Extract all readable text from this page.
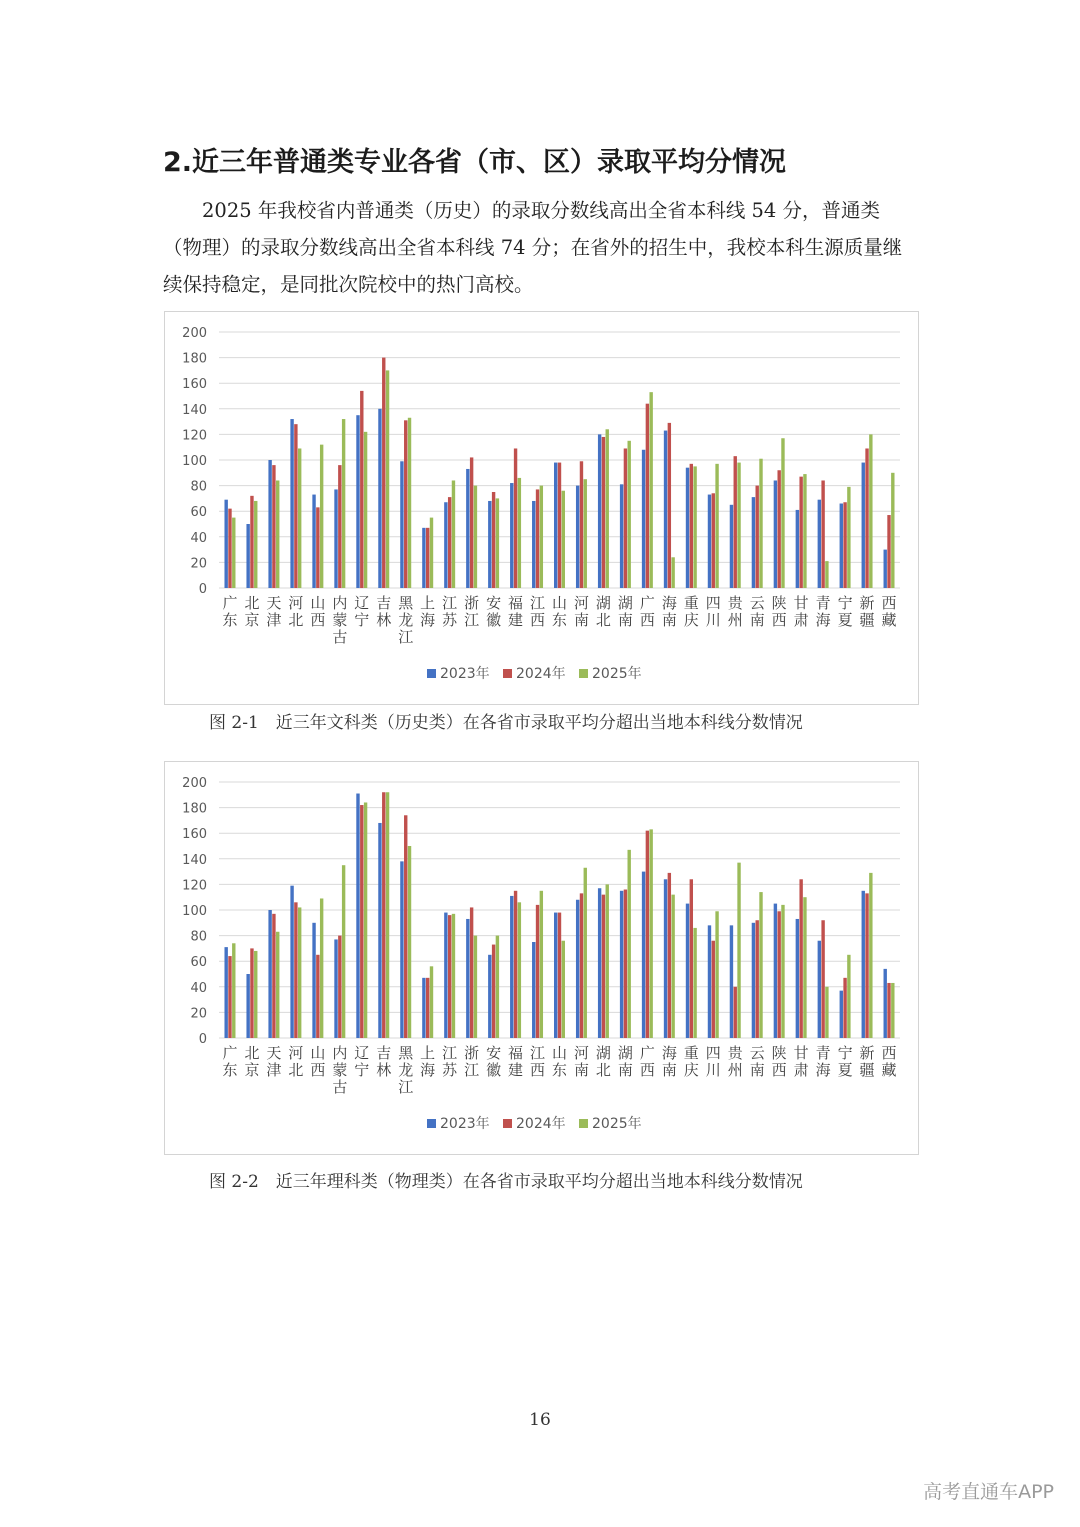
2.近三年普通类专业各省（市、区）录取平均分情况

2025 年我校省内普通类（历史）的录取分数线高出全省本科线 54 分，普通类（物理）的录取分数线高出全省本科线 74 分；在省外的招生中，我校本科生源质量继续保持稳定，是同批次院校中的热门高校。

0
20
40
60
80
100
120
140
160
180
200
广东
北京
天津
河北
山西
内蒙古
辽宁
吉林
黑龙江
上海
江苏
浙江
安徽
福建
江西
山东
河南
湖北
湖南
广西
海南
重庆
四川
贵州
云南
陕西
甘肃
青海
宁夏
新疆
西藏
2023年 2024年 2025年
图 2-1　近三年文科类（历史类）在各省市录取平均分超出当地本科线分数情况
0
20
40
60
80
100
120
140
160
180
200
广东
北京
天津
河北
山西
内蒙古
辽宁
吉林
黑龙江
上海
江苏
浙江
安徽
福建
江西
山东
河南
湖北
湖南
广西
海南
重庆
四川
贵州
云南
陕西
甘肃
青海
宁夏
新疆
西藏
2023年 2024年 2025年
图 2-2　近三年理科类（物理类）在各省市录取平均分超出当地本科线分数情况
16
高考直通车APP
